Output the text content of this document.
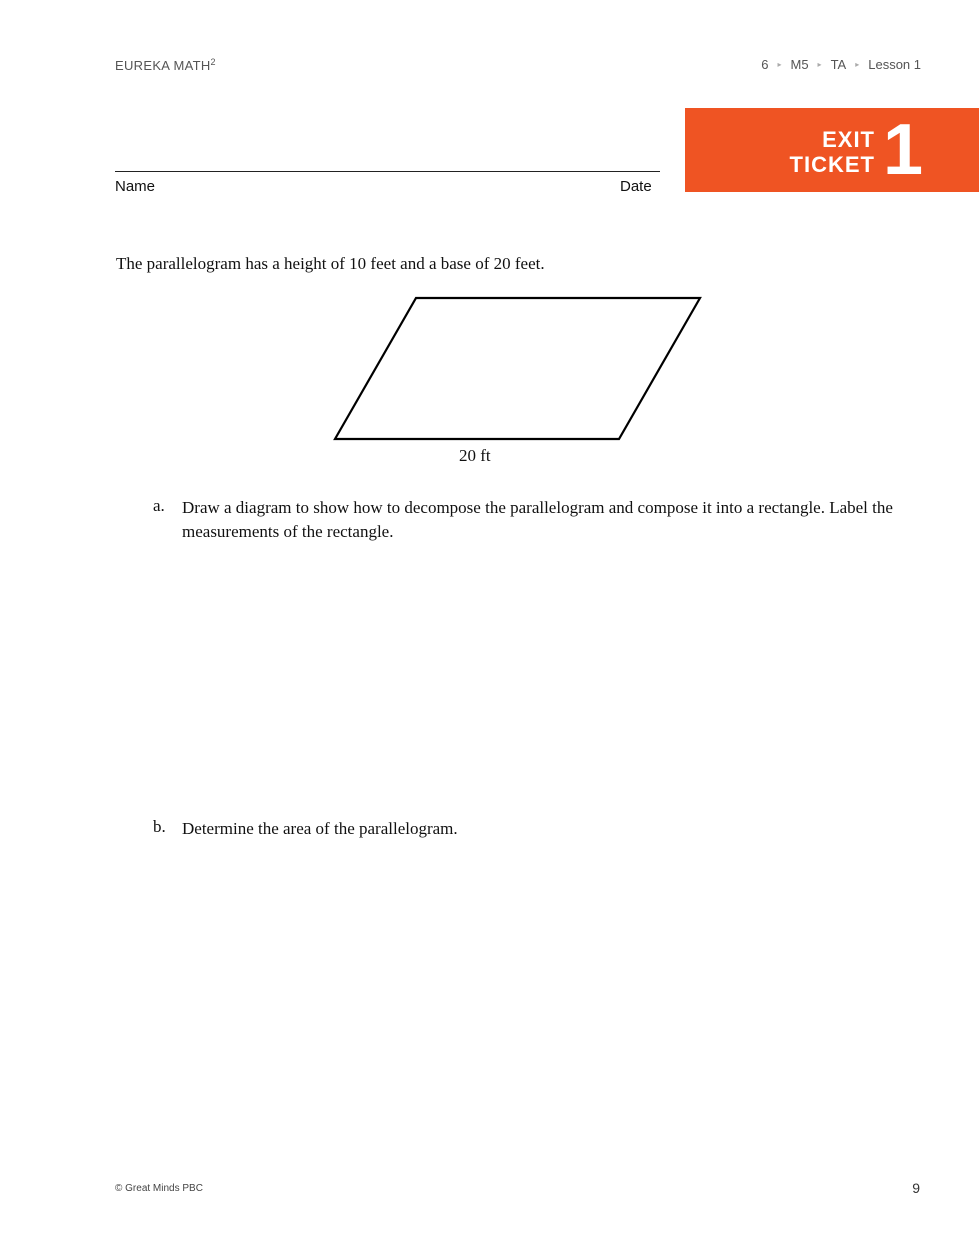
EUREKA MATH$^2$	6 ▸ M5 ▸ TA ▸ Lesson 1
EXIT
TICKET 1
Name	Date
The parallelogram has a height of 10 feet and a base of 20 feet.
20 ft
a. Draw a diagram to show how to decompose the parallelogram and compose it into a rectangle. Label the measurements of the rectangle.
b. Determine the area of the parallelogram.
© Great Minds PBC	9
